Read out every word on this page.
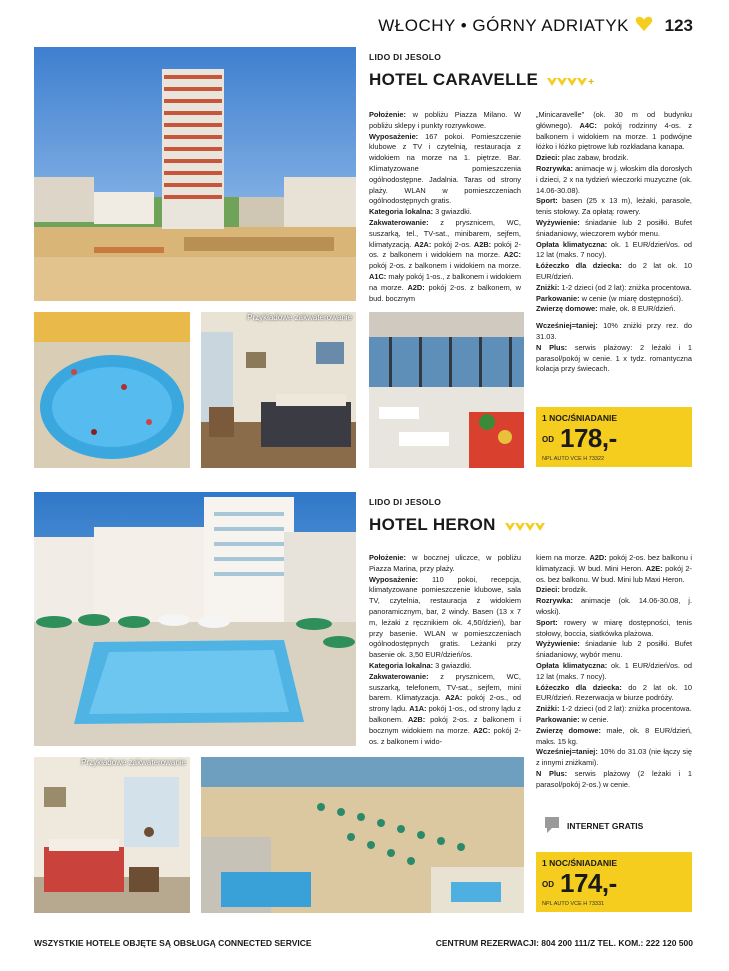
WŁOCHY • GÓRNY ADRIATYK 123
Przykładowe zakwaterowanie
LIDO DI JESOLO
HOTEL CARAVELLE	+

Położenie: w pobliżu Piazza Milano. W pobliżu sklepy i punkty rozrywkowe.

Wyposażenie: 167 pokoi. Pomieszczenie klubowe z TV i czytelnią, restauracja z widokiem na morze na 1. piętrze. Bar. Klimatyzowane pomieszczenia ogólnodostępne. Jadalnia. Taras od strony plaży. WLAN w pomieszczeniach ogólnodostępnych gratis.

Kategoria lokalna: 3 gwiazdki.

Zakwaterowanie: z prysznicem, WC, suszarką, tel., TV-sat., minibarem, sejfem, klimatyzacją. A2A: pokój 2-os. A2B: pokój 2-os. z balkonem i widokiem na morze. A2C: pokój 2-os. z balkonem i widokiem na morze. A1C: mały pokój 1-os., z balkonem i widokiem na morze. A2D: pokój 2-os. z balkonem, w bud. bocznym

„Minicaravelle" (ok. 30 m od budynku głównego). A4C: pokój rodzinny 4-os. z balkonem i widokiem na morze. 1 podwójne łóżko i łóżko piętrowe lub rozkładana kanapa.

Dzieci: plac zabaw, brodzik.

Rozrywka: animacje w j. włoskim dla dorosłych i dzieci, 2 x na tydzień wieczorki muzyczne (ok. 14.06-30.08).

Sport: basen (25 x 13 m), leżaki, parasole, tenis stołowy. Za opłatą: rowery.

Wyżywienie: śniadanie lub 2 posiłki. Bufet śniadaniowy, wieczorem wybór menu.

Opłata klimatyczna: ok. 1 EUR/dzień/os. od 12 lat (maks. 7 nocy).

Łóżeczko dla dziecka: do 2 lat ok. 10 EUR/dzień.

Zniżki: 1-2 dzieci (od 2 lat): zniżka procentowa.

Parkowanie: w cenie (w miarę dostępności).

Zwierzę domowe: małe, ok. 8 EUR/dzień.

Wcześniej=taniej: 10% zniżki przy rez. do 31.03.

N Plus: serwis plażowy: 2 leżaki i 1 parasol/pokój w cenie. 1 x tydz. romantyczna kolacja przy świecach.

1 NOC/ŚNIADANIE
OD 178,-
NPL AUTO VCE H 73322
Przykładowe zakwaterowanie
LIDO DI JESOLO
HOTEL HERON

Położenie: w bocznej uliczce, w pobliżu Piazza Marina, przy plaży.

Wyposażenie: 110 pokoi, recepcja, klimatyzowane pomieszczenie klubowe, sala TV, czytelnia, restauracja z widokiem panoramicznym, bar, 2 windy. Basen (13 x 7 m, leżaki z ręcznikiem ok. 4,50/dzień), bar przy basenie. WLAN w pomieszczeniach ogólnodostępnych gratis. Leżanki przy basenie ok. 3,50 EUR/dzień/os.

Kategoria lokalna: 3 gwiazdki.

Zakwaterowanie: z prysznicem, WC, suszarką, telefonem, TV-sat., sejfem, mini barem. Klimatyzacja. A2A: pokój 2-os., od strony lądu. A1A: pokój 1-os., od strony lądu z balkonem. A2B: pokój 2-os. z balkonem i bocznym widokiem na morze. A2C: pokój 2-os. z balkonem i wido-

kiem na morze. A2D: pokój 2-os. bez balkonu i klimatyzacji. W bud. Mini Heron. A2E: pokój 2-os. bez balkonu. W bud. Mini lub Maxi Heron.

Dzieci: brodzik.

Rozrywka: animacje (ok. 14.06-30.08, j. włoski).

Sport: rowery w miarę dostępności, tenis stołowy, boccia, siatkówka plażowa.

Wyżywienie: śniadanie lub 2 posiłki. Bufet śniadaniowy, wybór menu.

Opłata klimatyczna: ok. 1 EUR/dzień/os. od 12 lat (maks. 7 nocy).

Łóżeczko dla dziecka: do 2 lat ok. 10 EUR/dzień. Rezerwacja w biurze podróży.

Zniżki: 1-2 dzieci (od 2 lat): zniżka procentowa.

Parkowanie: w cenie.

Zwierzę domowe: małe, ok. 8 EUR/dzień, maks. 15 kg.

Wcześniej=taniej: 10% do 31.03 (nie łączy się z innymi zniżkami).

N Plus: serwis plażowy (2 leżaki i 1 parasol/pokój 2-os.) w cenie.

INTERNET GRATIS
1 NOC/ŚNIADANIE
OD 174,-
NPL AUTO VCE H 73331
WSZYSTKIE HOTELE OBJĘTE SĄ OBSŁUGĄ CONNECTED SERVICE	CENTRUM REZERWACJI: 804 200 111/Z TEL. KOM.: 222 120 500
